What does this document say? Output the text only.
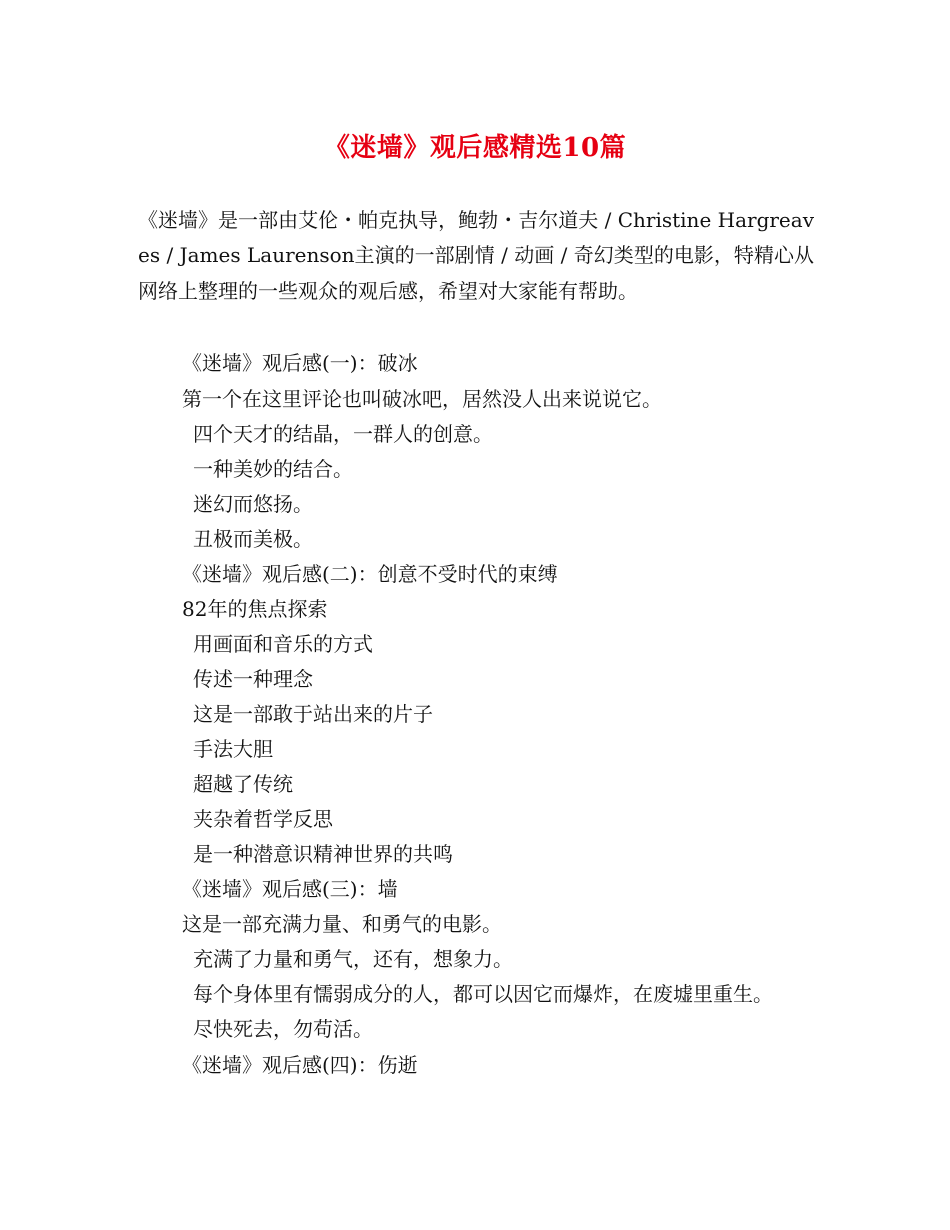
《迷墙》观后感精选10篇
《迷墙》是一部由艾伦・帕克执导，鲍勃・吉尔道夫 / Christine Hargreaves / James Laurenson主演的一部剧情 / 动画 / 奇幻类型的电影，特精心从网络上整理的一些观众的观后感，希望对大家能有帮助。
《迷墙》观后感(一)：破冰
第一个在这里评论也叫破冰吧，居然没人出来说说它。
四个天才的结晶，一群人的创意。
一种美妙的结合。
迷幻而悠扬。
丑极而美极。
《迷墙》观后感(二)：创意不受时代的束缚
82年的焦点探索
用画面和音乐的方式
传述一种理念
这是一部敢于站出来的片子
手法大胆
超越了传统
夹杂着哲学反思
是一种潜意识精神世界的共鸣
《迷墙》观后感(三)：墙
这是一部充满力量、和勇气的电影。
充满了力量和勇气，还有，想象力。
每个身体里有懦弱成分的人，都可以因它而爆炸，在废墟里重生。
尽快死去，勿苟活。
《迷墙》观后感(四)：伤逝
